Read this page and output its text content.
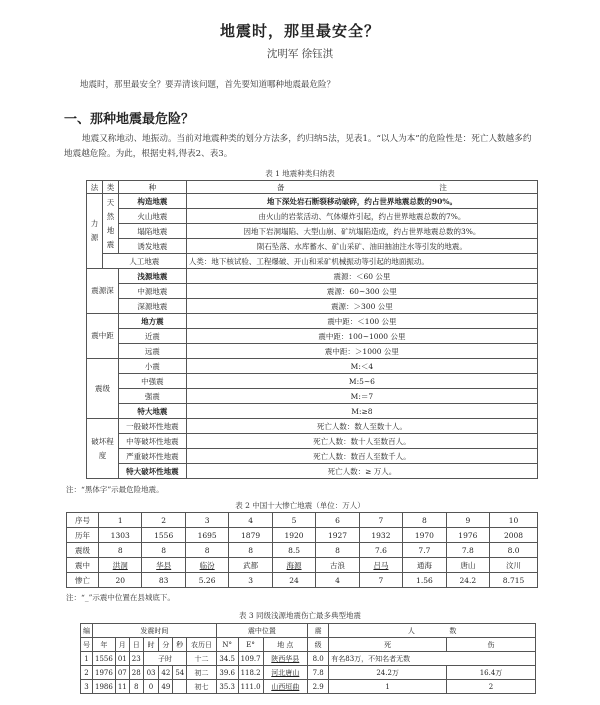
地震时，那里最安全？
沈明军 徐钰淇
地震时，那里最安全？要弄清该问题，首先要知道哪种地震最危险？
一、那种地震最危险？
地震又称地动、地振动。当前对地震种类的划分方法多，约归纳5法，见表1。“以人为本”的危险性是：死亡人数越多约地震越危险。为此，根据史料,得表2、表3。
表 1 地震种类归纳表
法	类	种	备 注
力源	天然地震	构造地震	地下深处岩石断裂移动破碎，约占世界地震总数的90%。
		火山地震	由火山的岩浆活动、气体爆炸引起，约占世界地震总数的7%。
		塌陷地震	因地下岩洞塌陷、大型山崩、矿坑塌陷造成，约占世界地震总数的3%。
		诱发地震	陨石坠落、水库蓄水、矿山采矿、油田抽油注水等引发的地震。
	人工地震		人类：地下核试验、工程爆破、开山和采矿机械振动等引起的地面振动。
震源深		浅源地震	震源：＜60 公里
		中源地震	震源：60~300 公里
		深源地震	震源：＞300 公里
震中距		地方震	震中距：＜100 公里
		近震	震中距：100~1000 公里
		远震	震中距：＞1000 公里
震级		小震	M:＜4
		中强震	M:5~6
		强震	M:＝7
		特大地震	M:≥8
破坏程度		一般破坏性地震	死亡人数：数人至数十人。
		中等破坏性地震	死亡人数：数十人至数百人。
		严重破坏性地震	死亡人数：数百人至数千人。
		特大破坏性地震	死亡人数：≥ 万人。
注：“黑体字”示最危险地震。
表 2 中国十大惨亡地震（单位：万人）
序号	1	2	3	4	5	6	7	8	9	10
历年	1303	1556	1695	1879	1920	1927	1932	1970	1976	2008
震级	8	8	8	8	8.5	8	7.6	7.7	7.8	8.0
震中	洪洞	华县	临汾	武都	海源	古浪	吕马	通海	唐山	汶川
惨亡	20	83	5.26	3	24	4	7	1.56	24.2	8.715
注：“_”示震中位置在县城底下。
表 3 同级浅源地震伤亡最多典型地震
编	发震时间							震中位置			震	人 数	
号	年	月	日	时	分	秒	农历日	N°	E°	地 点	级	死	伤
1	1556	01	23	子时			十二	34.5	109.7	陕西华县	8.0	有名83万，不知名者无数	
2	1976	07	28	03	42	54	初二	39.6	118.2	河北唐山	7.8	24.2万	16.4万
3	1986	11	8	0	49		初七	35.3	111.0	山西垣曲	2.9	1	2
